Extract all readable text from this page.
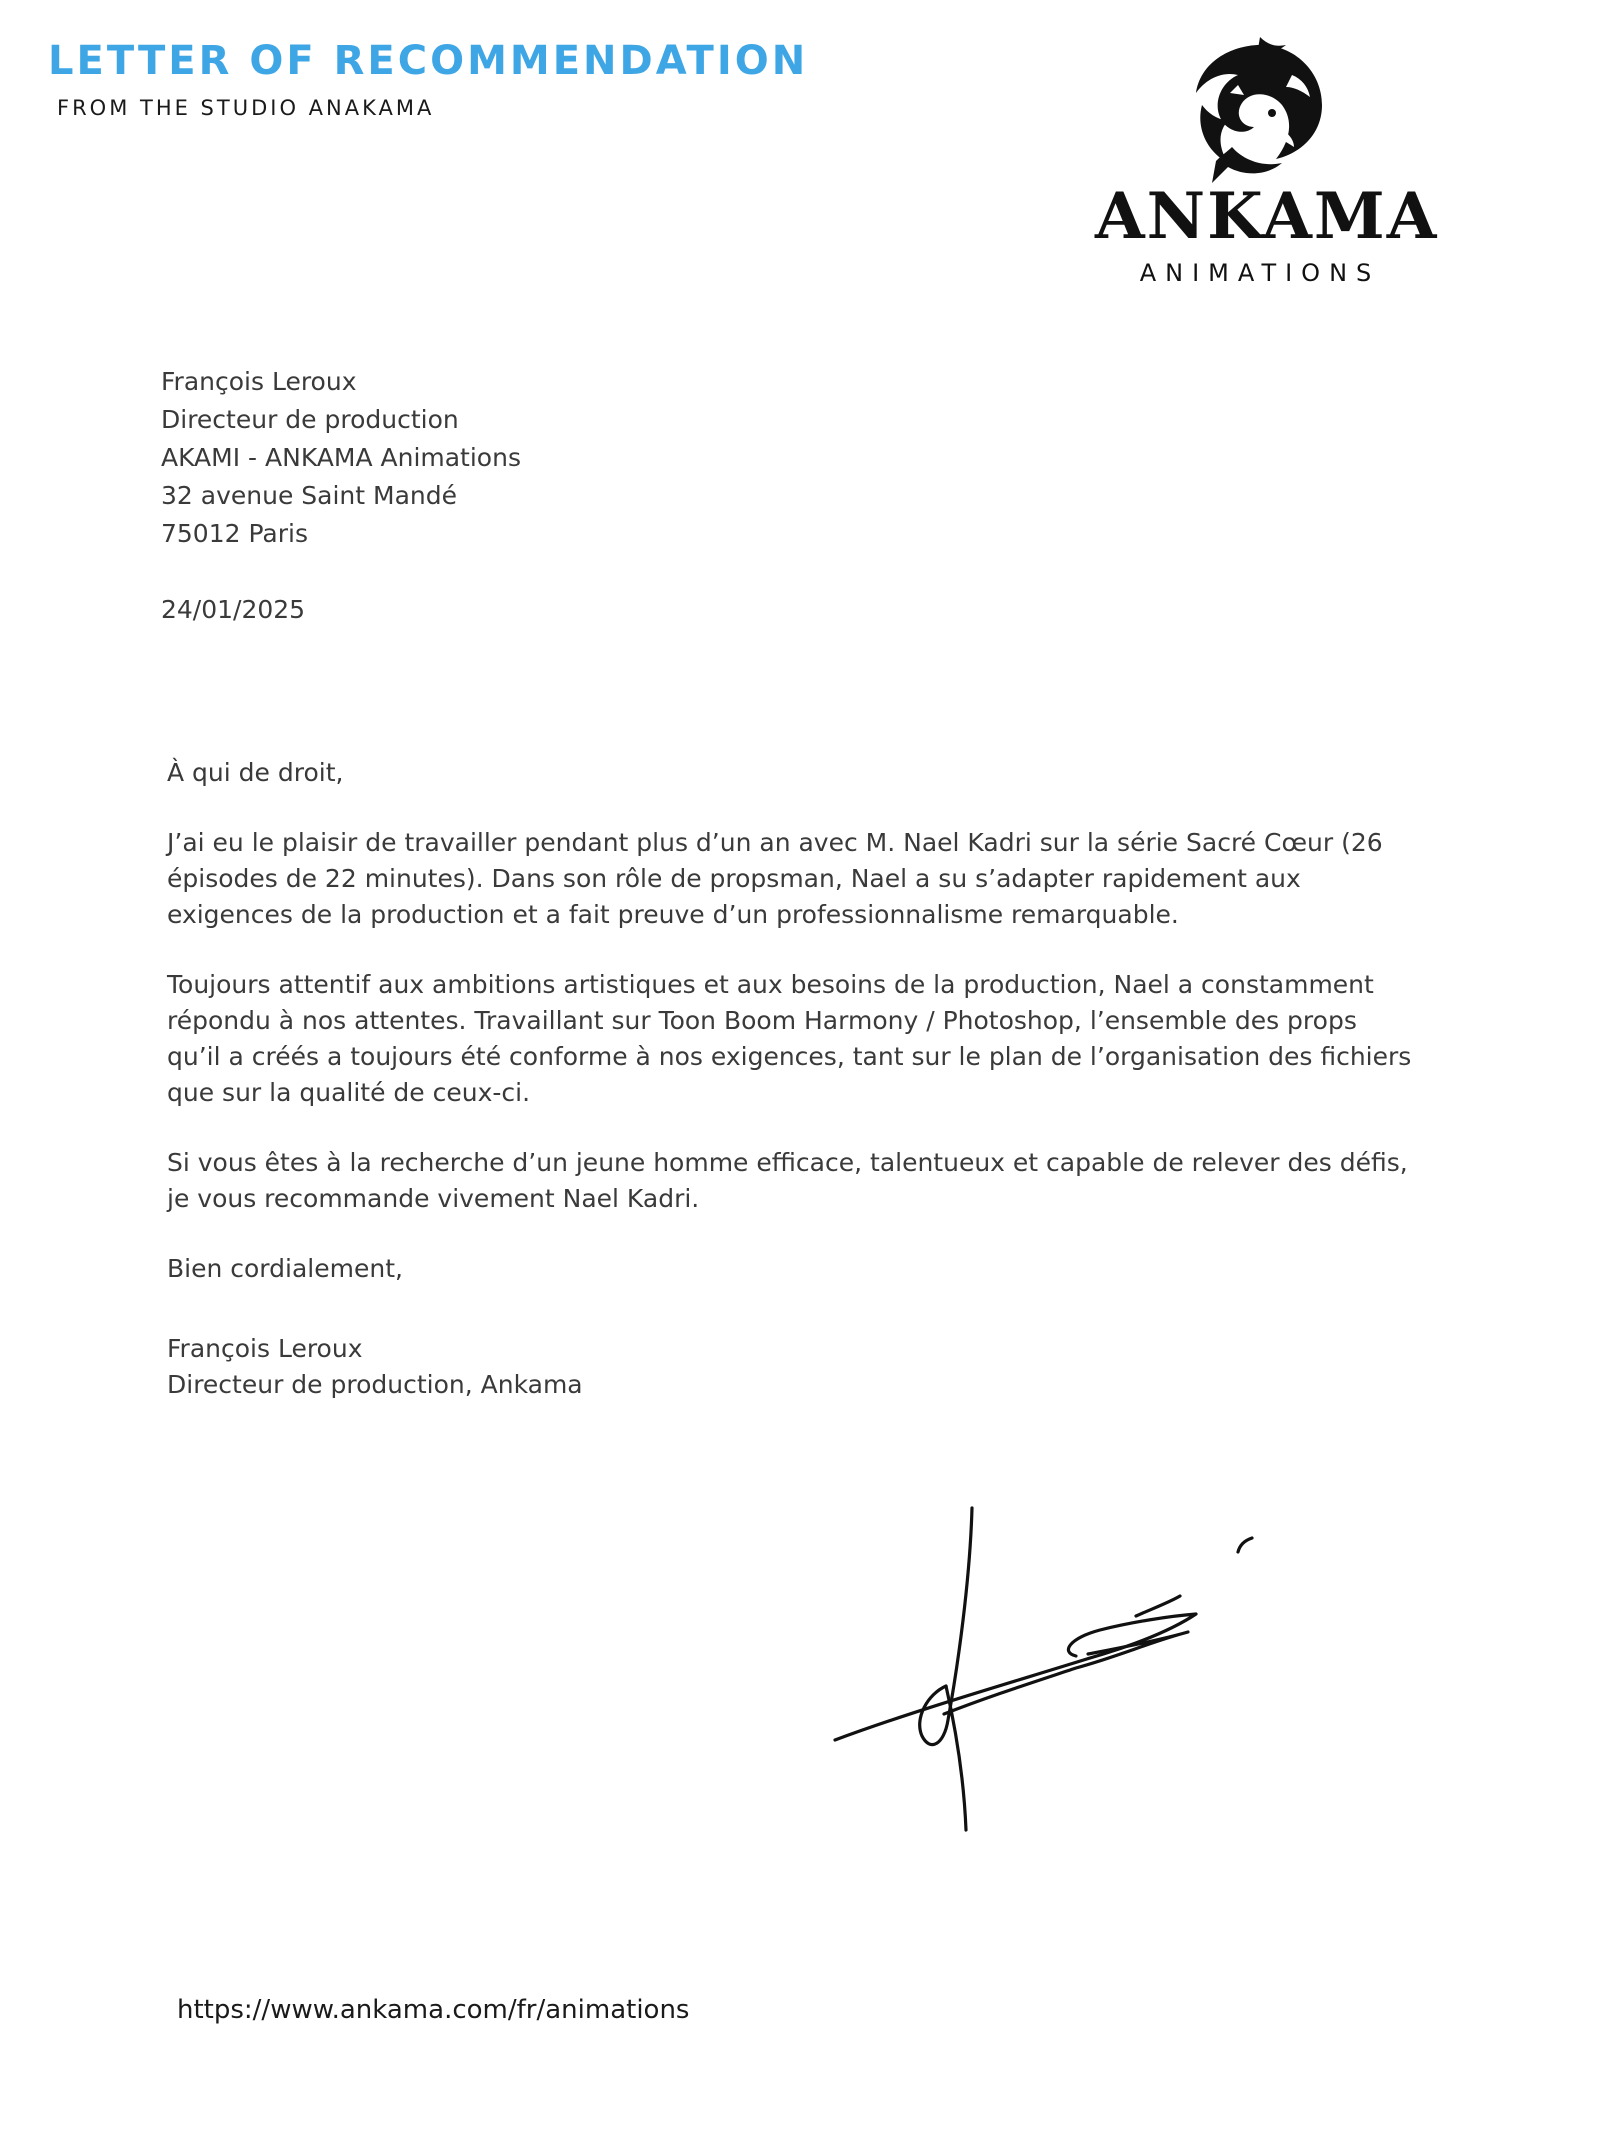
LETTER OF RECOMMENDATION
FROM THE STUDIO ANAKAMA
ANKAMA
ANIMATIONS
François Leroux
Directeur de production
AKAMI - ANKAMA Animations
32 avenue Saint Mandé
75012 Paris
24/01/2025
À qui de droit,
J’ai eu le plaisir de travailler pendant plus d’un an avec M. Nael Kadri sur la série Sacré Cœur (26
épisodes de 22 minutes). Dans son rôle de propsman, Nael a su s’adapter rapidement aux
exigences de la production et a fait preuve d’un professionnalisme remarquable.
Toujours attentif aux ambitions artistiques et aux besoins de la production, Nael a constamment
répondu à nos attentes. Travaillant sur Toon Boom Harmony / Photoshop, l’ensemble des props
qu’il a créés a toujours été conforme à nos exigences, tant sur le plan de l’organisation des fichiers
que sur la qualité de ceux-ci.
Si vous êtes à la recherche d’un jeune homme efficace, talentueux et capable de relever des défis,
je vous recommande vivement Nael Kadri.
Bien cordialement,
François Leroux
Directeur de production, Ankama
https://www.ankama.com/fr/animations
